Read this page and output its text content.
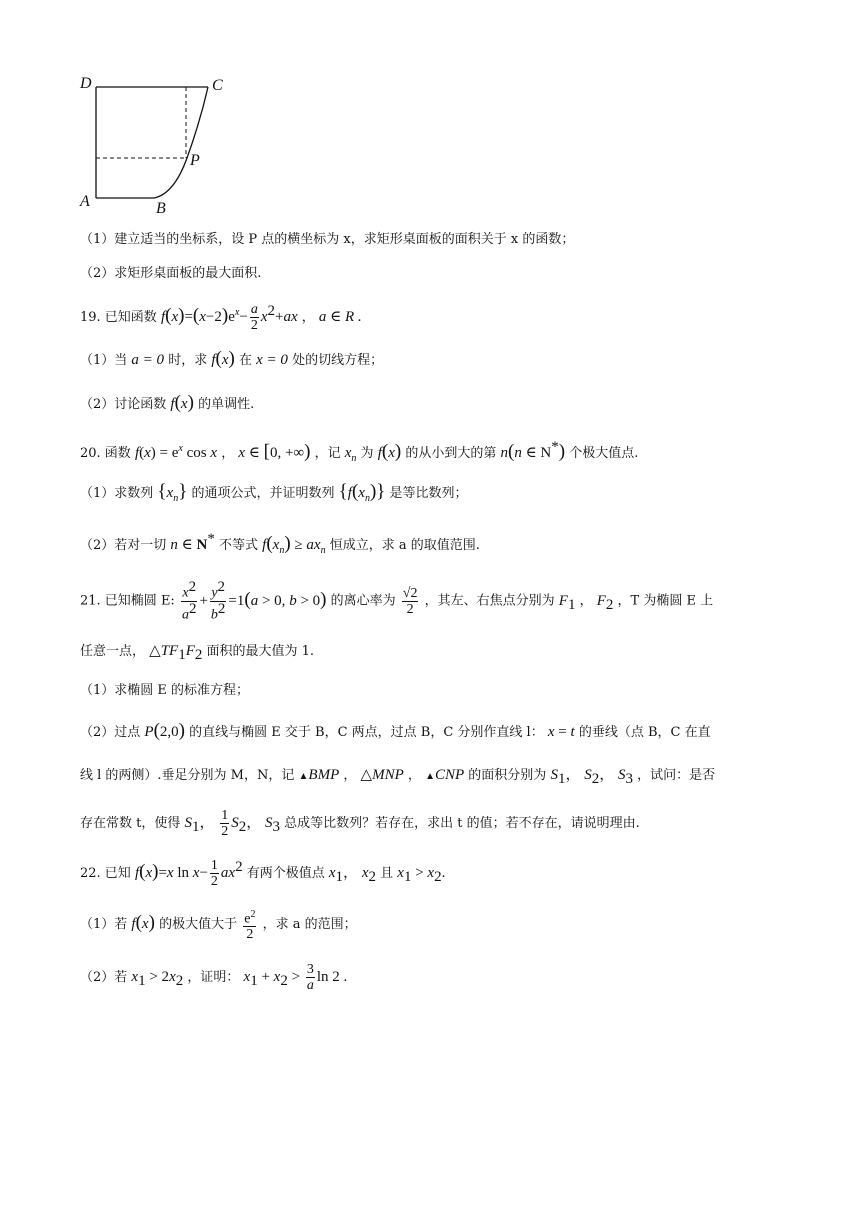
D	C
A	B
P
（1）建立适当的坐标系，设 P 点的横坐标为 x，求矩形桌面板的面积关于 x 的函数；
（2）求矩形桌面板的最大面积.
19. 已知函数 $f(x)=(x-2)e^x- \frac{a}{2} x^2+ax$ ， a ∈ R .
（1）当 a = 0 时，求 f(x) 在 x = 0 处的切线方程；
（2）讨论函数 f(x) 的单调性.
20. 函数 $f(x) = e^x$ cos x ， x ∈ [0, +∞) ，记 $x_n$ 为 f(x) 的从小到大的第 n(n ∈ N*) 个极大值点.
（1）求数列 $\{x_n\}$ 的通项公式，并证明数列 $\{f(x_n)\}$ 是等比数列；
（2）若对一切 n ∈ N* 不等式 $f(x_n) \ge ax_n$ 恒成立，求 a 的取值范围.
21. 已知椭圆 E: $\frac{x^2}{a^2} + \frac{y^2}{b^2} =1(a > 0$, b > 0) 的离心率为 $\frac{√2}{2}$ ，其左、右焦点分别为 $F_1$ ， $F_2$ ，T 为椭圆 E 上
任意一点， $\triangle TF_1F_2$ 面积的最大值为 1.
（1）求椭圆 E 的标准方程；
（2）过点 P(2,0) 的直线与椭圆 E 交于 B，C 两点，过点 B，C 分别作直线 l： x = t 的垂线（点 B，C 在直
线 l 的两侧）.垂足分别为 M，N，记 ▲BMP ， △MNP ， ▲CNP 的面积分别为 $S_1$， $S_2$， $S_3$ ，试问：是否
存在常数 t，使得 $S_1$， $\frac{1}{2} S_2$， $S_3$ 总成等比数列？若存在，求出 t 的值；若不存在，请说明理由.
22. 已知 f(x)=x $\ln x- \frac{1}{2} ax^2$ 有两个极值点 $x_1$， $x_2$ 且 $x_1 > x_2$.
（1）若 f(x) 的极大值大于 $\frac{e^2}{2}$ ，求 a 的范围；
（2）若 $x_1 > 2x_2$ ，证明： $x_1 + x_2 > \frac{3}{a}$ ln 2 .
